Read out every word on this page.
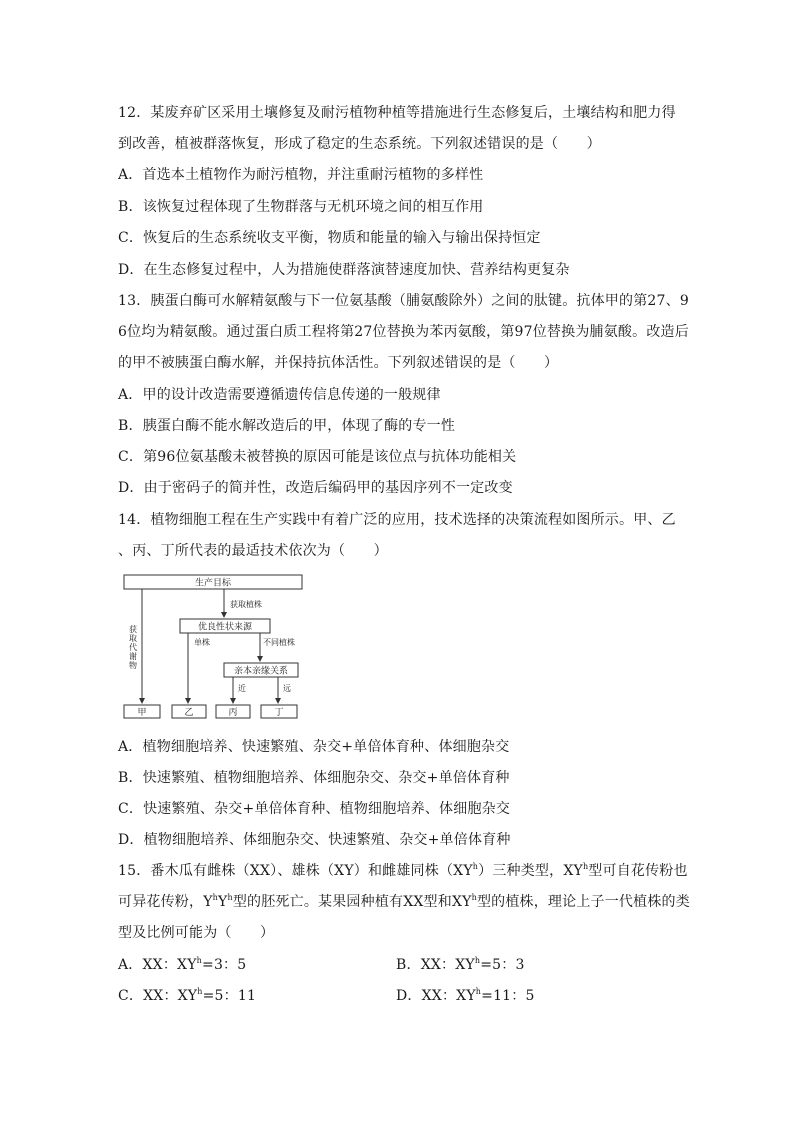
12．某废弃矿区采用土壤修复及耐污植物种植等措施进行生态修复后，土壤结构和肥力得
到改善，植被群落恢复，形成了稳定的生态系统。下列叙述错误的是（　　）
A．首选本土植物作为耐污植物，并注重耐污植物的多样性
B．该恢复过程体现了生物群落与无机环境之间的相互作用
C．恢复后的生态系统收支平衡，物质和能量的输入与输出保持恒定
D．在生态修复过程中，人为措施使群落演替速度加快、营养结构更复杂
13．胰蛋白酶可水解精氨酸与下一位氨基酸（脯氨酸除外）之间的肽键。抗体甲的第27、9
6位均为精氨酸。通过蛋白质工程将第27位替换为苯丙氨酸，第97位替换为脯氨酸。改造后
的甲不被胰蛋白酶水解，并保持抗体活性。下列叙述错误的是（　　）
A．甲的设计改造需要遵循遗传信息传递的一般规律
B．胰蛋白酶不能水解改造后的甲，体现了酶的专一性
C．第96位氨基酸未被替换的原因可能是该位点与抗体功能相关
D．由于密码子的简并性，改造后编码甲的基因序列不一定改变
14．植物细胞工程在生产实践中有着广泛的应用，技术选择的决策流程如图所示。甲、乙
、丙、丁所代表的最适技术依次为（　　）
生产目标
获取代谢物
获取植株
优良性状来源
单株	不同植株
亲本亲缘关系
近	远
甲	乙	丙	丁
A．植物细胞培养、快速繁殖、杂交+单倍体育种、体细胞杂交
B．快速繁殖、植物细胞培养、体细胞杂交、杂交+单倍体育种
C．快速繁殖、杂交+单倍体育种、植物细胞培养、体细胞杂交
D．植物细胞培养、体细胞杂交、快速繁殖、杂交+单倍体育种
15．番木瓜有雌株（XX）、雄株（XY）和雌雄同株$(XY^h)$三种类型，$XY^h$型可自花传粉也
可异花传粉，$Y^hY^h$型的胚死亡。某果园种植有XX型和$XY^h$型的植株，理论上子一代植株的类
型及比例可能为（　　）
A．XX：$XY^h=3$：5	B．XX：$XY^h=5$：3
C．XX：$XY^h=5$：11	D．XX：$XY^h=11$：5
